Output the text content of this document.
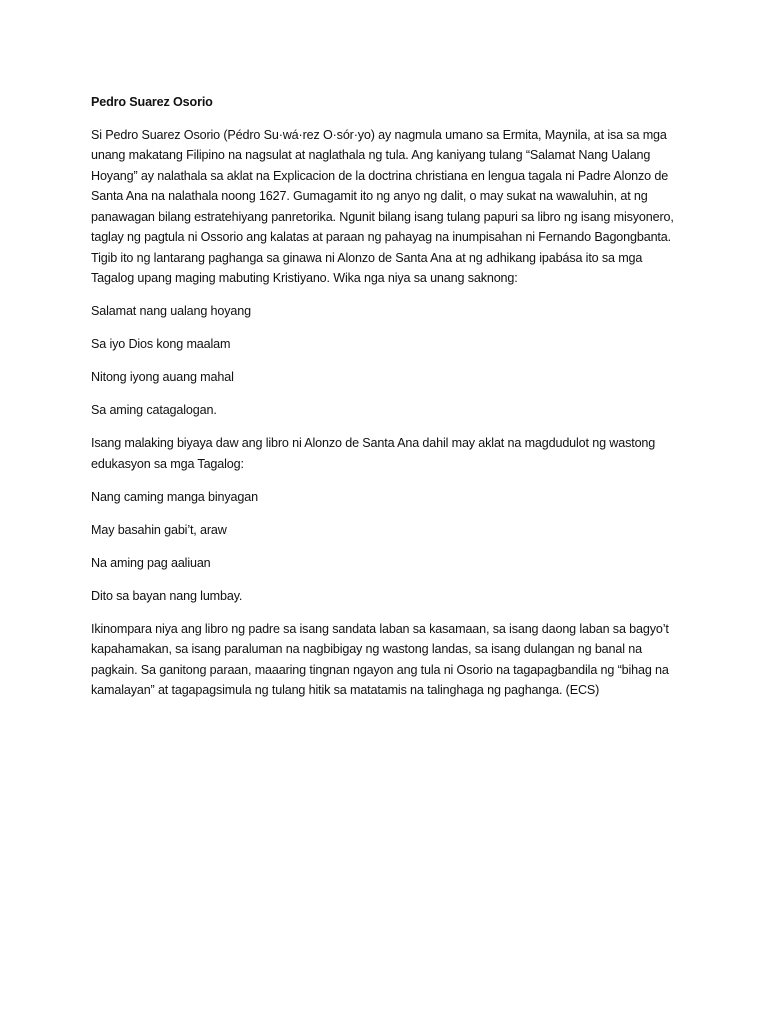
Pedro Suarez Osorio
Si Pedro Suarez Osorio (Pédro Su·wá·rez O·sór·yo) ay nagmula umano sa Ermita, Maynila, at isa sa mga unang makatang Filipino na nagsulat at naglathala ng tula. Ang kaniyang tulang “Salamat Nang Ualang Hoyang” ay nalathala sa aklat na Explicacion de la doctrina christiana en lengua tagala ni Padre Alonzo de Santa Ana na nalathala noong 1627. Gumagamit ito ng anyo ng dalit, o may sukat na wawaluhin, at ng panawagan bilang estratehiyang panretorika. Ngunit bilang isang tulang papuri sa libro ng isang misyonero, taglay ng pagtula ni Ossorio ang kalatas at paraan ng pahayag na inumpisahan ni Fernando Bagongbanta. Tigib ito ng lantarang paghanga sa ginawa ni Alonzo de Santa Ana at ng adhikang ipabása ito sa mga Tagalog upang maging mabuting Kristiyano. Wika nga niya sa unang saknong:
Salamat nang ualang hoyang
Sa iyo Dios kong maalam
Nitong iyong auang mahal
Sa aming catagalogan.
Isang malaking biyaya daw ang libro ni Alonzo de Santa Ana dahil may aklat na magdudulot ng wastong edukasyon sa mga Tagalog:
Nang caming manga binyagan
May basahin gabi’t, araw
Na aming pag aaliuan
Dito sa bayan nang lumbay.
Ikinompara niya ang libro ng padre sa isang sandata laban sa kasamaan, sa isang daong laban sa bagyo’t kapahamakan, sa isang paraluman na nagbibigay ng wastong landas, sa isang dulangan ng banal na pagkain. Sa ganitong paraan, maaaring tingnan ngayon ang tula ni Osorio na tagapagbandila ng “bihag na kamalayan” at tagapagsimula ng tulang hitik sa matatamis na talinghaga ng paghanga. (ECS)
